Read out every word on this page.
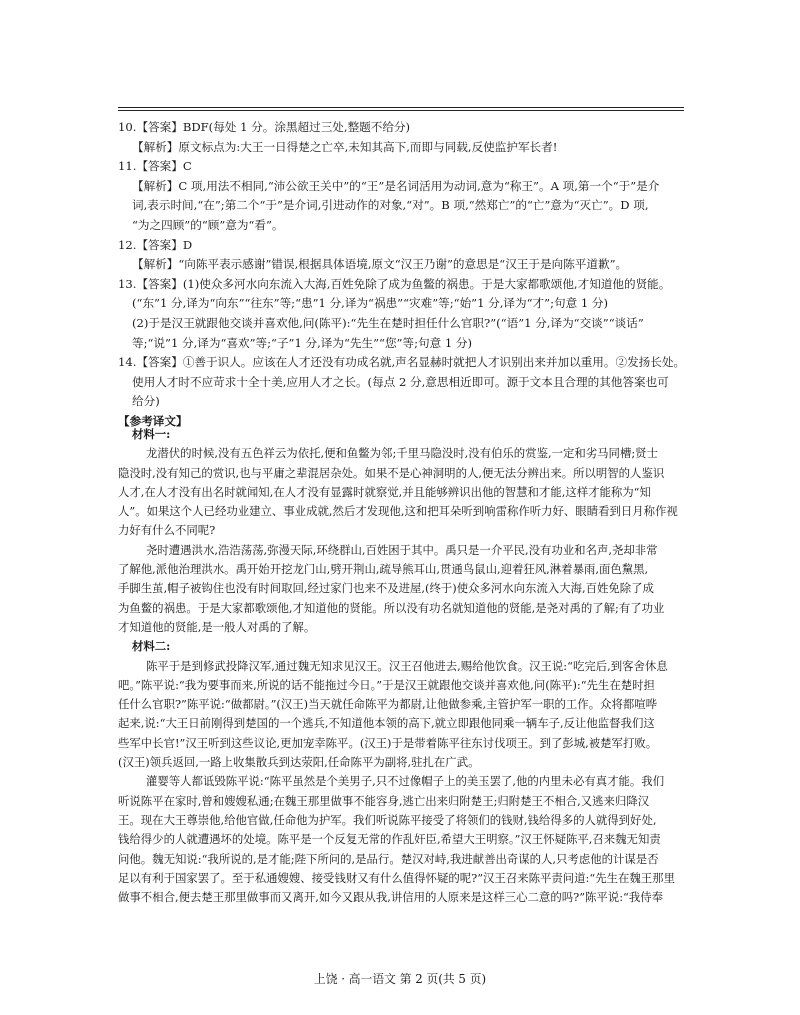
10.【答案】BDF(每处 1 分。涂黑超过三处,整题不给分)
【解析】原文标点为:大王一日得楚之亡卒,未知其高下,而即与同载,反使监护军长者!
11.【答案】C
【解析】C 项,用法不相同,“沛公欲王关中”的“王”是名词活用为动词,意为“称王”。A 项,第一个“于”是介
词,表示时间,“在”;第二个“于”是介词,引进动作的对象,“对”。B 项,“然郑亡”的“亡”意为“灭亡”。D 项,
“为之四顾”的“顾”意为“看”。
12.【答案】D
【解析】“向陈平表示感谢”错误,根据具体语境,原文“汉王乃谢”的意思是“汉王于是向陈平道歉”。
13.【答案】(1)使众多河水向东流入大海,百姓免除了成为鱼鳖的祸患。于是大家都歌颂他,才知道他的贤能。
(“东”1 分,译为“向东”“往东”等;“患”1 分,译为“祸患”“灾难”等;“始”1 分,译为“才”;句意 1 分)
(2)于是汉王就跟他交谈并喜欢他,问(陈平):“先生在楚时担任什么官职?”(“语”1 分,译为“交谈”“谈话”
等;“说”1 分,译为“喜欢”等;“子”1 分,译为“先生”“您”等;句意 1 分)
14.【答案】①善于识人。应该在人才还没有功成名就,声名显赫时就把人才识别出来并加以重用。②发扬长处。
使用人才时不应苛求十全十美,应用人才之长。(每点 2 分,意思相近即可。源于文本且合理的其他答案也可
给分)
【参考译文】
材料一:
龙潜伏的时候,没有五色祥云为依托,便和鱼鳖为邻;千里马隐没时,没有伯乐的赏鉴,一定和劣马同槽;贤士
隐没时,没有知己的赏识,也与平庸之辈混居杂处。如果不是心神洞明的人,便无法分辨出来。所以明智的人鉴识
人才,在人才没有出名时就闻知,在人才没有显露时就察觉,并且能够辨识出他的智慧和才能,这样才能称为“知
人”。如果这个人已经功业建立、事业成就,然后才发现他,这和把耳朵听到响雷称作听力好、眼睛看到日月称作视
力好有什么不同呢?
尧时遭遇洪水,浩浩荡荡,弥漫天际,环绕群山,百姓困于其中。禹只是一介平民,没有功业和名声,尧却非常
了解他,派他治理洪水。禹开始开挖龙门山,劈开荆山,疏导熊耳山,贯通鸟鼠山,迎着狂风,淋着暴雨,面色黧黑,
手脚生茧,帽子被钩住也没有时间取回,经过家门也来不及进屋,(终于)使众多河水向东流入大海,百姓免除了成
为鱼鳖的祸患。于是大家都歌颂他,才知道他的贤能。所以没有功名就知道他的贤能,是尧对禹的了解;有了功业
才知道他的贤能,是一般人对禹的了解。
材料二:
陈平于是到修武投降汉军,通过魏无知求见汉王。汉王召他进去,赐给他饮食。汉王说:“吃完后,到客舍休息
吧。”陈平说:“我为要事而来,所说的话不能拖过今日。”于是汉王就跟他交谈并喜欢他,问(陈平):“先生在楚时担
任什么官职?”陈平说:“做都尉。”(汉王)当天就任命陈平为都尉,让他做参乘,主管护军一职的工作。众将都喧哗
起来,说:“大王日前刚得到楚国的一个逃兵,不知道他本领的高下,就立即跟他同乘一辆车子,反让他监督我们这
些军中长官!”汉王听到这些议论,更加宠幸陈平。(汉王)于是带着陈平往东讨伐项王。到了彭城,被楚军打败。
(汉王)领兵返回,一路上收集散兵到达荥阳,任命陈平为副将,驻扎在广武。
灌婴等人都诋毁陈平说:“陈平虽然是个美男子,只不过像帽子上的美玉罢了,他的内里未必有真才能。我们
听说陈平在家时,曾和嫂嫂私通;在魏王那里做事不能容身,逃亡出来归附楚王;归附楚王不相合,又逃来归降汉
王。现在大王尊崇他,给他官做,任命他为护军。我们听说陈平接受了将领们的钱财,钱给得多的人就得到好处,
钱给得少的人就遭遇坏的处境。陈平是一个反复无常的作乱奸臣,希望大王明察。”汉王怀疑陈平,召来魏无知责
问他。魏无知说:“我所说的,是才能;陛下所问的,是品行。楚汉对峙,我进献善出奇谋的人,只考虑他的计谋是否
足以有利于国家罢了。至于私通嫂嫂、接受钱财又有什么值得怀疑的呢?”汉王召来陈平责问道:“先生在魏王那里
做事不相合,便去楚王那里做事而又离开,如今又跟从我,讲信用的人原来是这样三心二意的吗?”陈平说:“我侍奉
上饶 · 高一语文 第 2 页(共 5 页)
